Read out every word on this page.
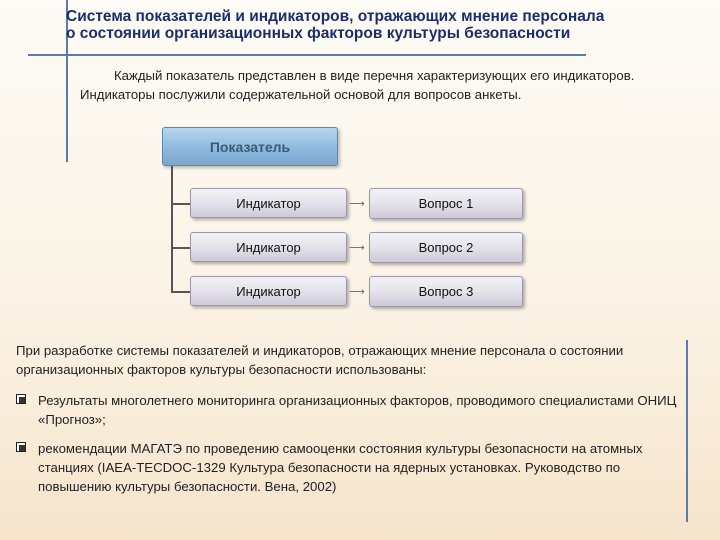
Система показателей и индикаторов, отражающих мнение персонала
о состоянии организационных факторов культуры безопасности
Каждый показатель представлен в виде перечня характеризующих его индикаторов. Индикаторы послужили содержательной основой для вопросов анкеты.
Показатель
Индикатор
Индикатор
Индикатор
⟶
⟶
⟶
Вопрос 1
Вопрос 2
Вопрос 3
При разработке системы показателей и индикаторов, отражающих мнение персонала о состоянии организационных факторов культуры безопасности использованы:
Результаты многолетнего мониторинга организационных факторов, проводимого специалистами ОНИЦ «Прогноз»;
рекомендации МАГАТЭ по проведению самооценки состояния культуры безопасности на атомных станциях (IAEA-TECDOC-1329 Культура безопасности на ядерных установках. Руководство по повышению культуры безопасности. Вена, 2002)
